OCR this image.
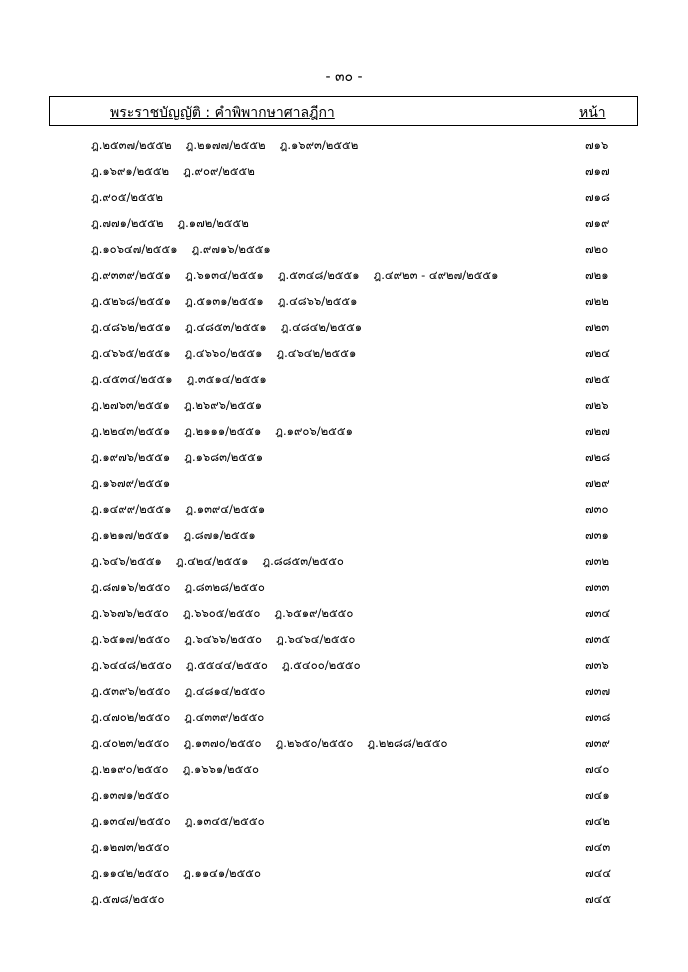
- ๓๐ -
พระราชบัญญัติ : คำพิพากษาศาลฎีกา	หน้า
ฎ.๒๕๓๗/๒๕๕๒ ฎ.๒๑๗๗/๒๕๕๒ ฎ.๑๖๙๓/๒๕๕๒	๗๑๖
ฎ.๑๖๙๑/๒๕๕๒ ฎ.๙๐๙/๒๕๕๒	๗๑๗
ฎ.๙๐๕/๒๕๕๒	๗๑๘
ฎ.๗๗๑/๒๕๕๒ ฎ.๑๗๒/๒๕๕๒	๗๑๙
ฎ.๑๐๖๔๗/๒๕๕๑ ฎ.๙๗๑๖/๒๕๕๑	๗๒๐
ฎ.๙๓๓๙/๒๕๕๑ ฎ.๖๑๓๔/๒๕๕๑ ฎ.๕๓๔๘/๒๕๕๑ ฎ.๔๙๒๓ - ๔๙๒๗/๒๕๕๑	๗๒๑
ฎ.๕๒๖๘/๒๕๕๑ ฎ.๕๑๓๑/๒๕๕๑ ฎ.๔๘๖๖/๒๕๕๑	๗๒๒
ฎ.๔๘๖๒/๒๕๕๑ ฎ.๔๘๕๓/๒๕๕๑ ฎ.๔๘๔๒/๒๕๕๑	๗๒๓
ฎ.๔๖๖๕/๒๕๕๑ ฎ.๔๖๖๐/๒๕๕๑ ฎ.๔๖๔๒/๒๕๕๑	๗๒๔
ฎ.๔๕๓๔/๒๕๕๑ ฎ.๓๕๑๔/๒๕๕๑	๗๒๕
ฎ.๒๗๖๓/๒๕๕๑ ฎ.๒๖๙๖/๒๕๕๑	๗๒๖
ฎ.๒๒๔๓/๒๕๕๑ ฎ.๒๑๑๑/๒๕๕๑ ฎ.๑๙๐๖/๒๕๕๑	๗๒๗
ฎ.๑๙๗๖/๒๕๕๑ ฎ.๑๖๘๓/๒๕๕๑	๗๒๘
ฎ.๑๖๗๙/๒๕๕๑	๗๒๙
ฎ.๑๔๙๙/๒๕๕๑ ฎ.๑๓๙๔/๒๕๕๑	๗๓๐
ฎ.๑๒๑๗/๒๕๕๑ ฎ.๘๗๑/๒๕๕๑	๗๓๑
ฎ.๖๔๖/๒๕๕๑ ฎ.๔๒๔/๒๕๕๑ ฎ.๘๘๕๓/๒๕๕๐	๗๓๒
ฎ.๘๗๑๖/๒๕๕๐ ฎ.๘๓๒๘/๒๕๕๐	๗๓๓
ฎ.๖๖๗๖/๒๕๕๐ ฎ.๖๖๐๕/๒๕๕๐ ฎ.๖๕๑๙/๒๕๕๐	๗๓๔
ฎ.๖๕๑๗/๒๕๕๐ ฎ.๖๔๖๖/๒๕๕๐ ฎ.๖๔๖๔/๒๕๕๐	๗๓๕
ฎ.๖๔๔๘/๒๕๕๐ ฎ.๕๕๔๔/๒๕๕๐ ฎ.๕๔๐๐/๒๕๕๐	๗๓๖
ฎ.๕๓๙๖/๒๕๕๐ ฎ.๔๘๑๔/๒๕๕๐	๗๓๗
ฎ.๔๗๐๒/๒๕๕๐ ฎ.๔๓๓๙/๒๕๕๐	๗๓๘
ฎ.๔๐๒๓/๒๕๕๐ ฎ.๑๓๗๐/๒๕๕๐ ฎ.๒๖๕๐/๒๕๕๐ ฎ.๒๒๘๘/๒๕๕๐	๗๓๙
ฎ.๒๑๙๐/๒๕๕๐ ฎ.๑๖๖๑/๒๕๕๐	๗๔๐
ฎ.๑๓๗๑/๒๕๕๐	๗๔๑
ฎ.๑๓๔๗/๒๕๕๐ ฎ.๑๓๔๕/๒๕๕๐	๗๔๒
ฎ.๑๒๗๓/๒๕๕๐	๗๔๓
ฎ.๑๑๔๒/๒๕๕๐ ฎ.๑๑๔๑/๒๕๕๐	๗๔๔
ฎ.๕๗๘/๒๕๕๐	๗๔๕
